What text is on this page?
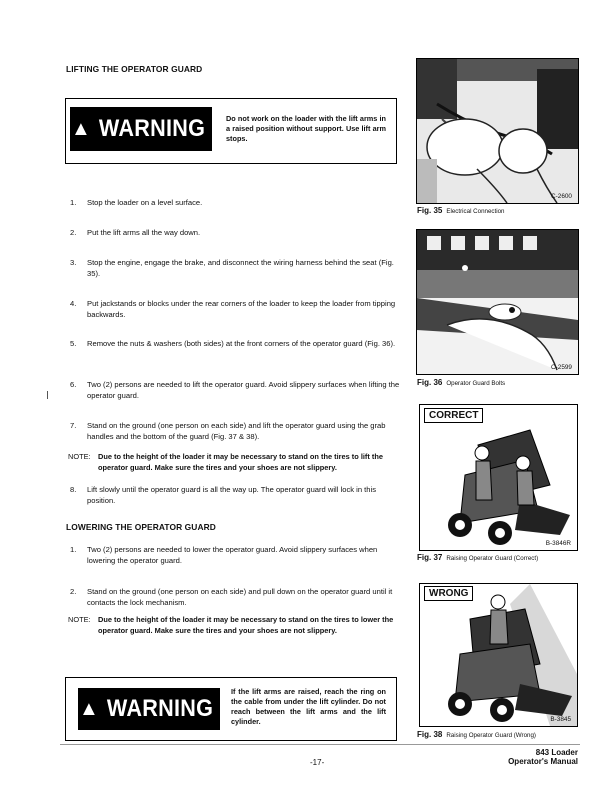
LIFTING THE OPERATOR GUARD
▲ WARNING	Do not work on the loader with the lift arms in a raised position without support. Use lift arm stops.
1. Stop the loader on a level surface.
2. Put the lift arms all the way down.
3. Stop the engine, engage the brake, and disconnect the wiring harness behind the seat (Fig. 35).
4. Put jackstands or blocks under the rear corners of the loader to keep the loader from tipping backwards.
5. Remove the nuts & washers (both sides) at the front corners of the operator guard (Fig. 36).
6. Two (2) persons are needed to lift the operator guard. Avoid slippery surfaces when lifting the operator guard.
7. Stand on the ground (one person on each side) and lift the operator guard using the grab handles and the bottom of the guard (Fig. 37 & 38).
NOTE: Due to the height of the loader it may be necessary to stand on the tires to lift the operator guard. Make sure the tires and your shoes are not slippery.
8. Lift slowly until the operator guard is all the way up. The operator guard will lock in this position.
LOWERING THE OPERATOR GUARD
1. Two (2) persons are needed to lower the operator guard. Avoid slippery surfaces when lowering the operator guard.
2. Stand on the ground (one person on each side) and pull down on the operator guard until it contacts the lock mechanism.
NOTE: Due to the height of the loader it may be necessary to stand on the tires to lower the operator guard. Make sure the tires and your shoes are not slippery.
▲ WARNING
If the lift arms are raised, reach the ring on the cable from under the lift cylinder. Do not reach between the lift arms and the lift cylinder.
C-2600
Fig. 35 Electrical Connection
C-2599
Fig. 36 Operator Guard Bolts
CORRECT
B-3846R
Fig. 37 Raising Operator Guard (Correct)
WRONG
B-3845
Fig. 38 Raising Operator Guard (Wrong)
-17-
843 Loader
Operator's Manual
